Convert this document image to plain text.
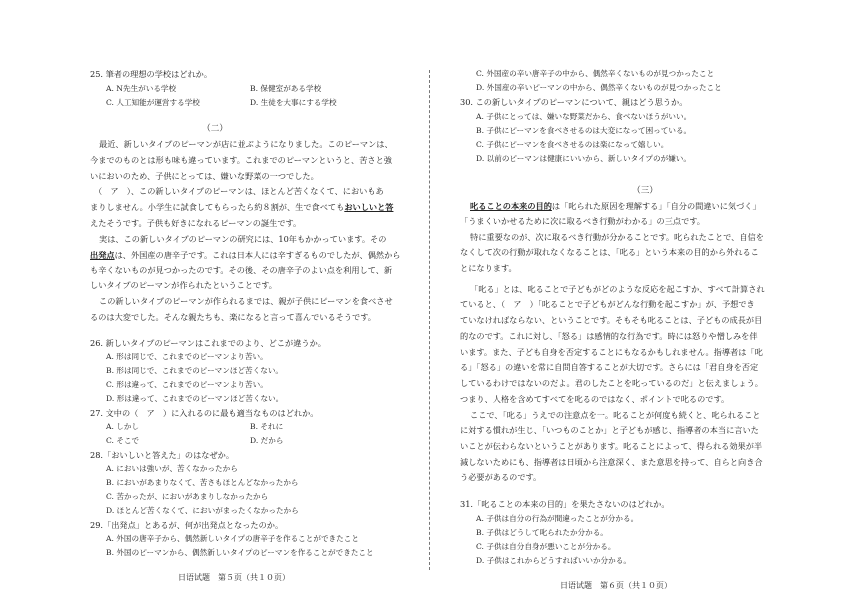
25. 筆者の理想の学校はどれか。
A. N先生がいる学校	B. 保健室がある学校
C. 人工知能が運営する学校	D. 生徒を大事にする学校
（二）
最近、新しいタイプのピーマンが店に並ぶようになりました。このピーマンは、
今までのものとは形も味も違っています。これまでのピーマンというと、苦さと強
いにおいのため、子供にとっては、嫌いな野菜の一つでした。
（　ア　）、この新しいタイプのピーマンは、ほとんど苦くなくて、においもあ
まりしません。小学生に試食してもらったら約８割が、生で食べてもおいしいと答
えたそうです。子供も好きになれるピーマンの誕生です。
実は、この新しいタイプのピーマンの研究には、10年もかかっています。その
出発点は、外国産の唐辛子です。これは日本人には辛すぎるものでしたが、偶然から
も辛くないものが見つかったのです。その後、その唐辛子のよい点を利用して、新
しいタイプのピーマンが作られたということです。
この新しいタイプのピーマンが作られるまでは、親が子供にピーマンを食べさせ
るのは大変でした。そんな親たちも、楽になると言って喜んでいるそうです。
26. 新しいタイプのピーマンはこれまでのより、どこが違うか。
A. 形は同じで、これまでのピーマンより苦い。
B. 形は同じで、これまでのピーマンほど苦くない。
C. 形は違って、これまでのピーマンより苦い。
D. 形は違って、これまでのピーマンほど苦くない。
27. 文中の（　ア　）に入れるのに最も適当なものはどれか。
A. しかし	B. それに
C. そこで	D. だから
28.「おいしいと答えた」のはなぜか。
A. においは強いが、苦くなかったから
B. においがあまりなくて、苦さもほとんどなかったから
C. 苦かったが、においがあまりしなかったから
D. ほとんど苦くなくて、においがまったくなかったから
29.「出発点」とあるが、何が出発点となったのか。
A. 外国の唐辛子から、偶然新しいタイプの唐辛子を作ることができたこと
B. 外国のピーマンから、偶然新しいタイプのピーマンを作ることができたこと
日语试题　第５页（共１０页）
C. 外国産の辛い唐辛子の中から、偶然辛くないものが見つかったこと
D. 外国産の辛いピーマンの中から、偶然辛くないものが見つかったこと
30. この新しいタイプのピーマンについて、親はどう思うか。
A. 子供にとっては、嫌いな野菜だから、食べないほうがいい。
B. 子供にピーマンを食べさせるのは大変になって困っている。
C. 子供にピーマンを食べさせるのは楽になって嬉しい。
D. 以前のピーマンは健康にいいから、新しいタイプのが嫌い。
（三）
叱ることの本来の目的は「叱られた原因を理解する」「自分の間違いに気づく」
「うまくいかせるために次に取るべき行動がわかる」の三点です。
特に重要なのが、次に取るべき行動が分かることです。叱られたことで、自信を
なくして次の行動が取れなくなることは、「叱る」という本来の目的から外れるこ
とになります。
「叱る」とは、叱ることで子どもがどのような反応を起こすか、すべて計算され
ていると、（　ア　）「叱ることで子どもがどんな行動を起こすか」が、予想でき
ていなければならない、ということです。そもそも叱ることは、子どもの成長が目
的なのです。これに対し、「怒る」は感情的な行為です。時には怒りや憎しみを伴
います。また、子ども自身を否定することにもなるかもしれません。指導者は「叱
る」「怒る」の違いを常に自問自答することが大切です。さらには「君自身を否定
しているわけではないのだよ。君のしたことを叱っているのだ」と伝えましょう。
つまり、人格を含めてすべてを叱るのではなく、ポイントで叱るのです。
ここで、「叱る」うえでの注意点を一。叱ることが何度も続くと、叱られること
に対する慣れが生じ、「いつものことか」と子どもが感じ、指導者の本当に言いた
いことが伝わらないということがあります。叱ることによって、得られる効果が半
減しないためにも、指導者は日頃から注意深く、また意思を持って、自らと向き合
う必要があるのです。
31.「叱ることの本来の目的」を果たさないのはどれか。
A. 子供は自分の行為が間違ったことが分かる。
B. 子供はどうして叱られたか分かる。
C. 子供は自分自身が悪いことが分かる。
D. 子供はこれからどうすればいいか分かる。
日语试题　第６页（共１０页）
